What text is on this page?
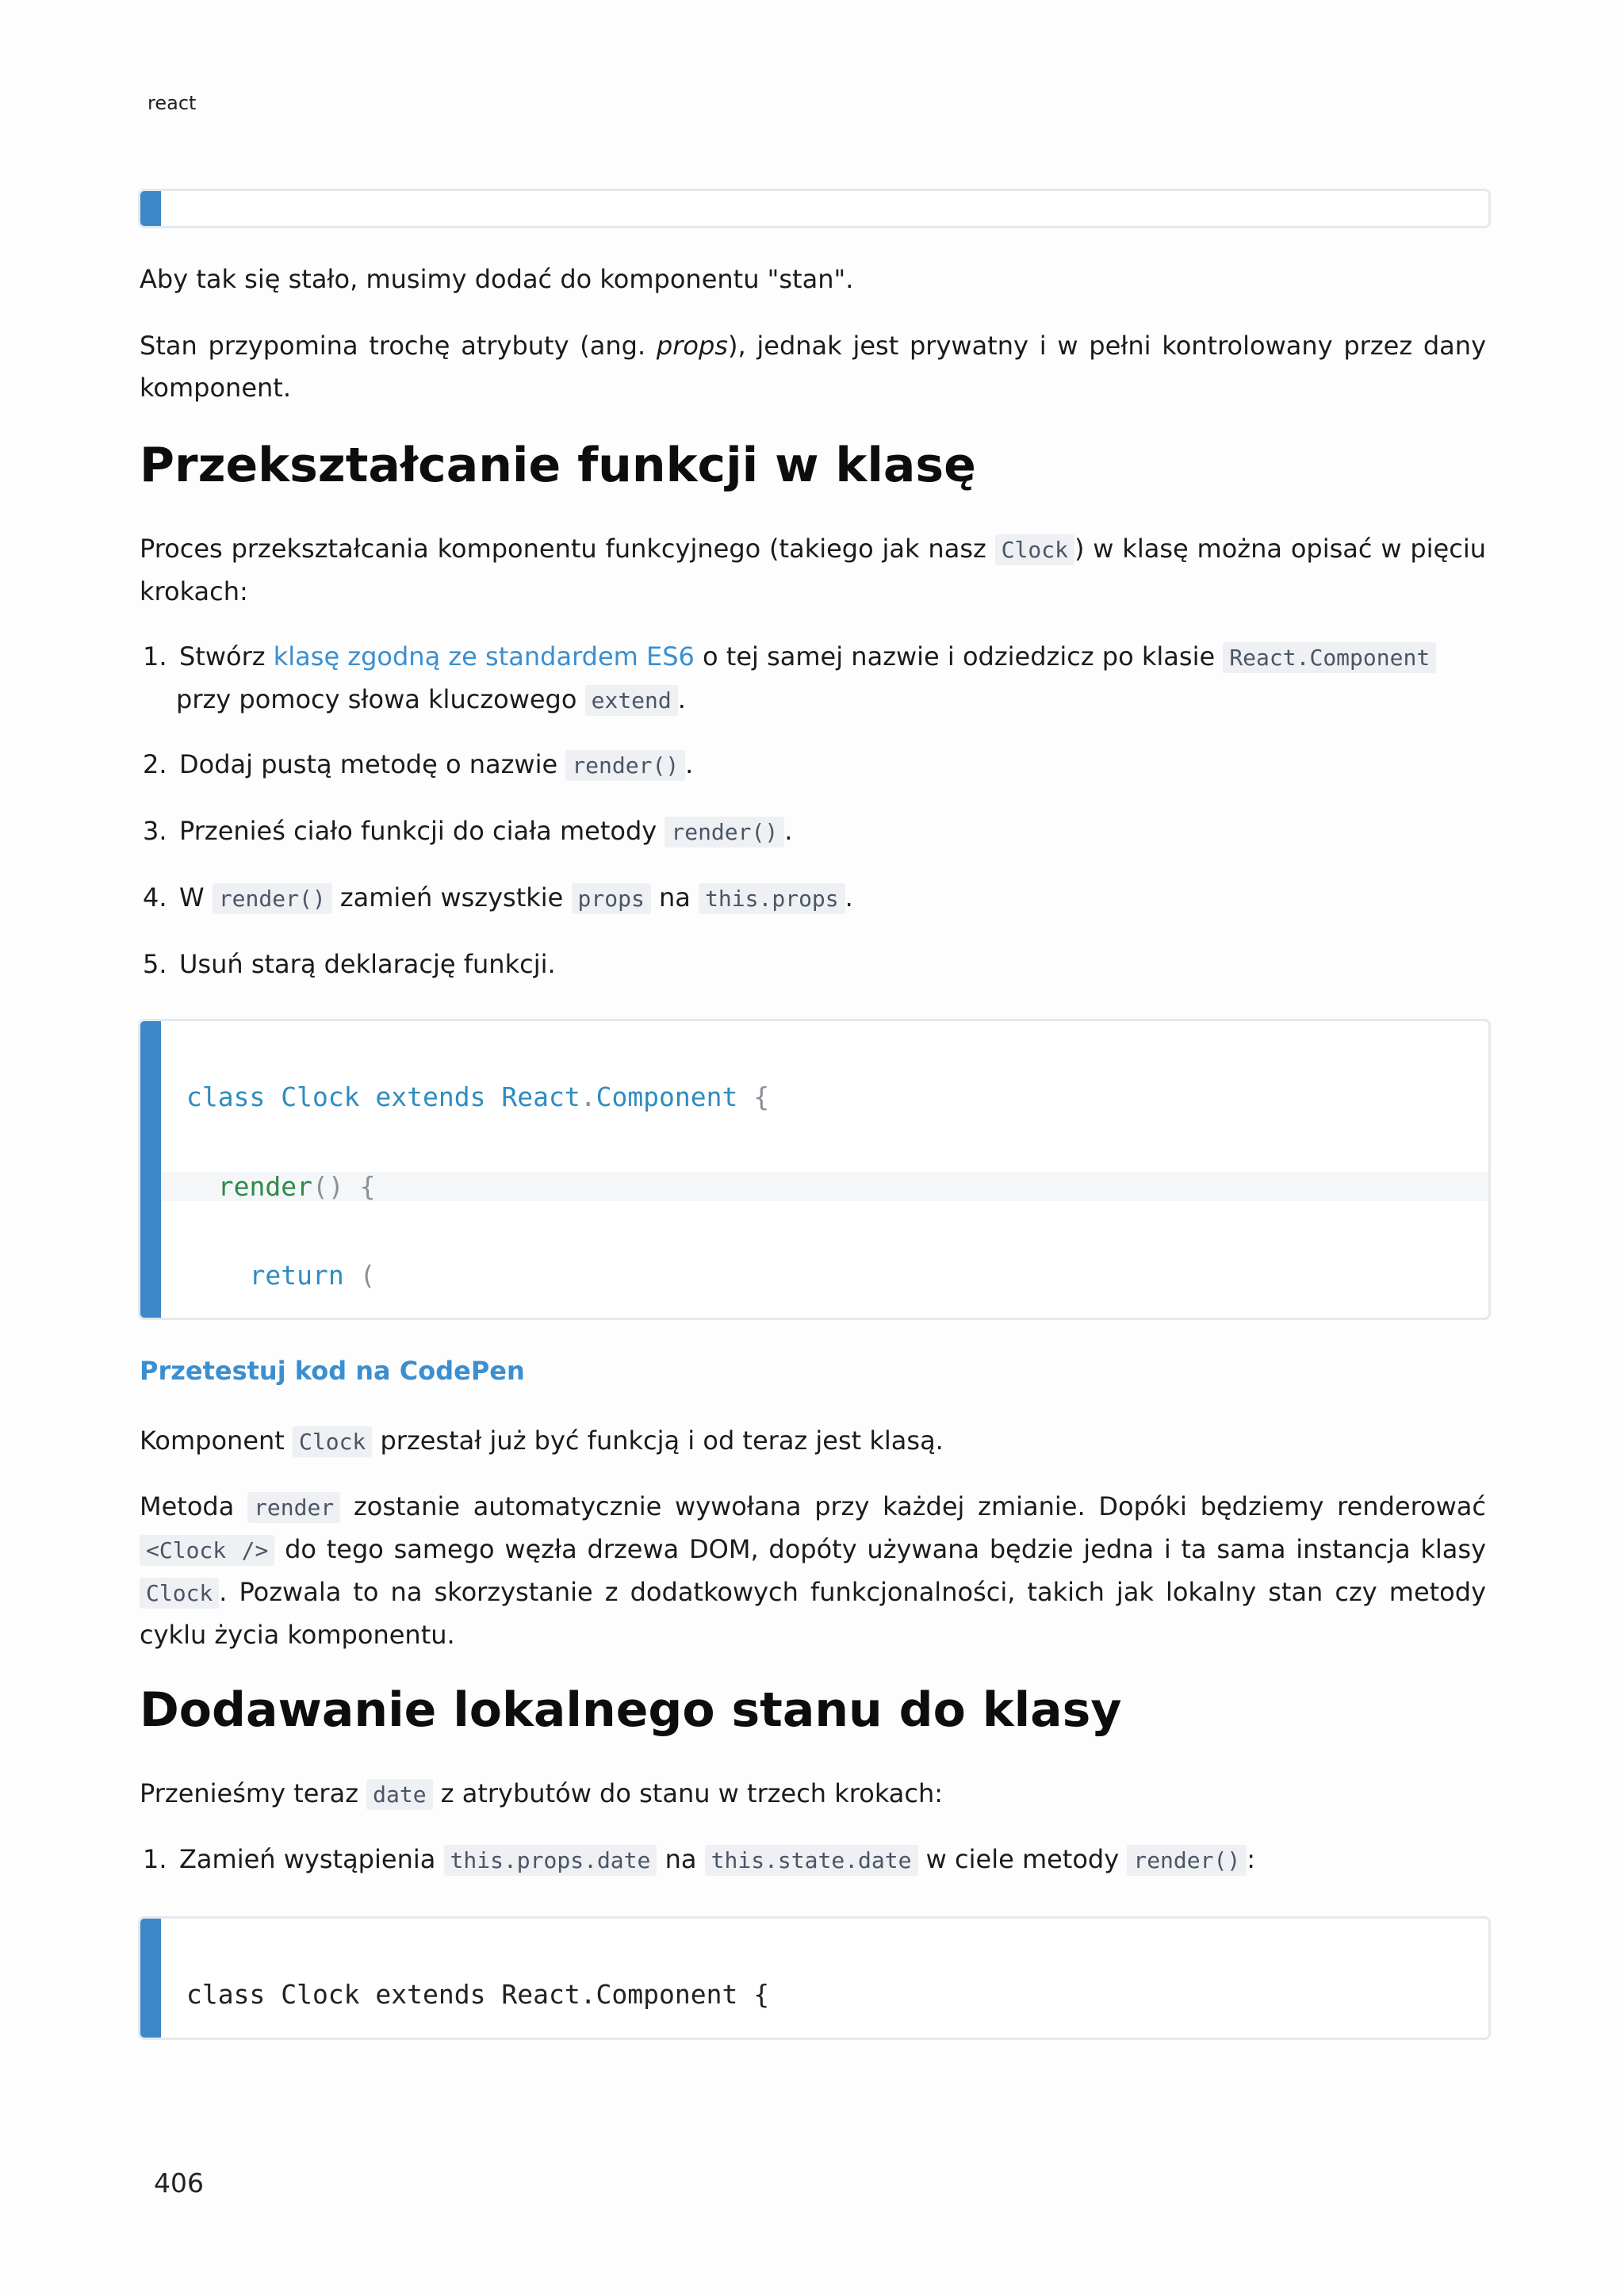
react

Aby tak się stało, musimy dodać do komponentu "stan".

Stan przypomina trochę atrybuty (ang. props), jednak jest prywatny i w pełni kontrolowany przez dany komponent.

Przekształcanie funkcji w klasę

Proces przekształcania komponentu funkcyjnego (takiego jak nasz Clock ) w klasę można opisać w pięciu krokach:

1. Stwórz klasę zgodną ze standardem ES6 o tej samej nazwie i odziedzicz po klasie React.Component
przy pomocy słowa kluczowego extend .
2. Dodaj pustą metodę o nazwie render() .
3. Przenieś ciało funkcji do ciała metody render() .
4. W render() zamień wszystkie props na this.props .
5. Usuń starą deklarację funkcji.

class Clock extends React.Component {

render() {

return (

Przetestuj kod na CodePen

Komponent Clock przestał już być funkcją i od teraz jest klasą.

Metoda render zostanie automatycznie wywołana przy każdej zmianie. Dopóki będziemy renderować <Clock /> do tego samego węzła drzewa DOM, dopóty używana będzie jedna i ta sama instancja klasy Clock . Pozwala to na skorzystanie z dodatkowych funkcjonalności, takich jak lokalny stan czy metody cyklu życia komponentu.

Dodawanie lokalnego stanu do klasy

Przenieśmy teraz date z atrybutów do stanu w trzech krokach:

1. Zamień wystąpienia this.props.date na this.state.date w ciele metody render() :

class Clock extends React.Component {

406
